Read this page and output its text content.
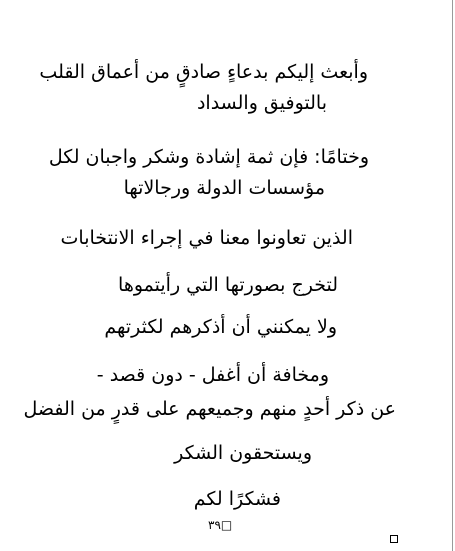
وأبعث إليكم بدعاءٍ صادقٍ من أعماق القلب
بالتوفيق والسداد
وختامًا: فإن ثمة إشادة وشكر واجبان لكل
مؤسسات الدولة ورجالاتها
الذين تعاونوا معنا في إجراء الانتخابات
لتخرج بصورتها التي رأيتموها
ولا يمكنني أن أذكرهم لكثرتهم
ومخافة أن أغفل - دون قصد -
عن ذكر أحدٍ منهم وجميعهم على قدرٍ من الفضل
ويستحقون الشكر
فشكرًا لكم
□٣٩
